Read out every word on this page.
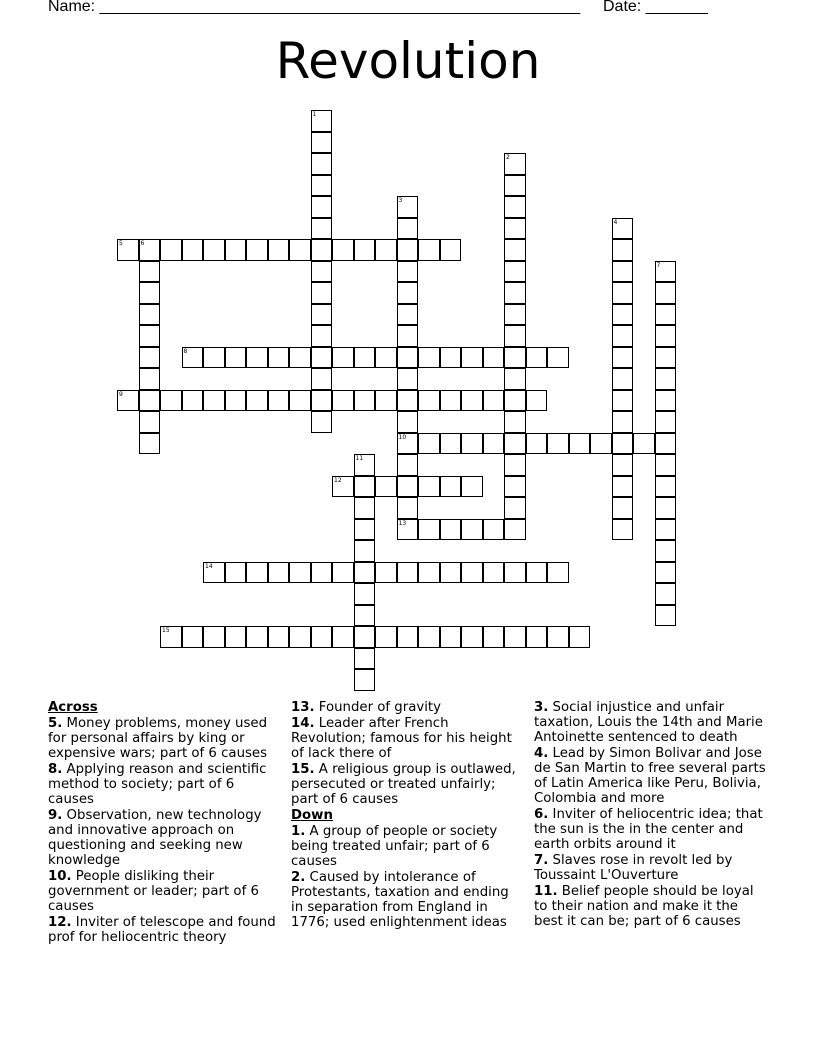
Name: ______________________________________________________ Date: _______
Revolution
5	6
8
9
10
12
13
14
15
1
2
3
4
7
11
Across
5. Money problems, money used for personal affairs by king or expensive wars; part of 6 causes
8. Applying reason and scientific method to society; part of 6 causes
9. Observation, new technology and innovative approach on questioning and seeking new knowledge
10. People disliking their government or leader; part of 6 causes
12. Inviter of telescope and found prof for heliocentric theory
13. Founder of gravity
14. Leader after French Revolution; famous for his height of lack there of
15. A religious group is outlawed, persecuted or treated unfairly; part of 6 causes
Down
1. A group of people or society being treated unfair; part of 6 causes
2. Caused by intolerance of Protestants, taxation and ending in separation from England in 1776; used enlightenment ideas
3. Social injustice and unfair taxation, Louis the 14th and Marie Antoinette sentenced to death
4. Lead by Simon Bolivar and Jose de San Martin to free several parts of Latin America like Peru, Bolivia, Colombia and more
6. Inviter of heliocentric idea; that the sun is the in the center and earth orbits around it
7. Slaves rose in revolt led by Toussaint L'Ouverture
11. Belief people should be loyal to their nation and make it the best it can be; part of 6 causes
